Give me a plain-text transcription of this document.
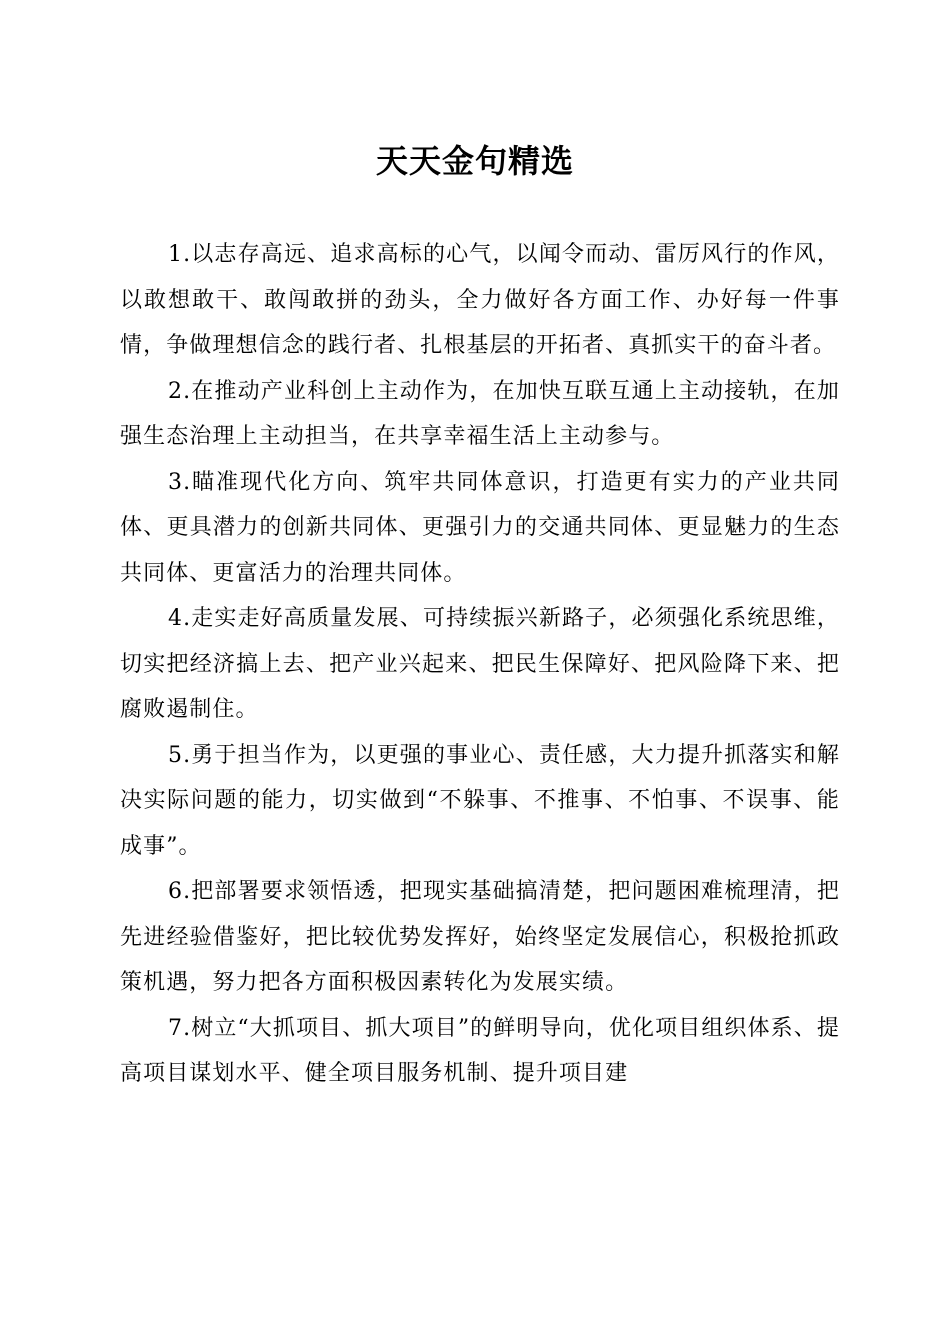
天天金句精选

1.以志存高远、追求高标的心气，以闻令而动、雷厉风行的作风，以敢想敢干、敢闯敢拼的劲头，全力做好各方面工作、办好每一件事情，争做理想信念的践行者、扎根基层的开拓者、真抓实干的奋斗者。

2.在推动产业科创上主动作为，在加快互联互通上主动接轨，在加强生态治理上主动担当，在共享幸福生活上主动参与。

3.瞄准现代化方向、筑牢共同体意识，打造更有实力的产业共同体、更具潜力的创新共同体、更强引力的交通共同体、更显魅力的生态共同体、更富活力的治理共同体。

4.走实走好高质量发展、可持续振兴新路子，必须强化系统思维，切实把经济搞上去、把产业兴起来、把民生保障好、把风险降下来、把腐败遏制住。

5.勇于担当作为，以更强的事业心、责任感，大力提升抓落实和解决实际问题的能力，切实做到“不躲事、不推事、不怕事、不误事、能成事”。

6.把部署要求领悟透，把现实基础搞清楚，把问题困难梳理清，把先进经验借鉴好，把比较优势发挥好，始终坚定发展信心，积极抢抓政策机遇，努力把各方面积极因素转化为发展实绩。

7.树立“大抓项目、抓大项目”的鲜明导向，优化项目组织体系、提高项目谋划水平、健全项目服务机制、提升项目建
